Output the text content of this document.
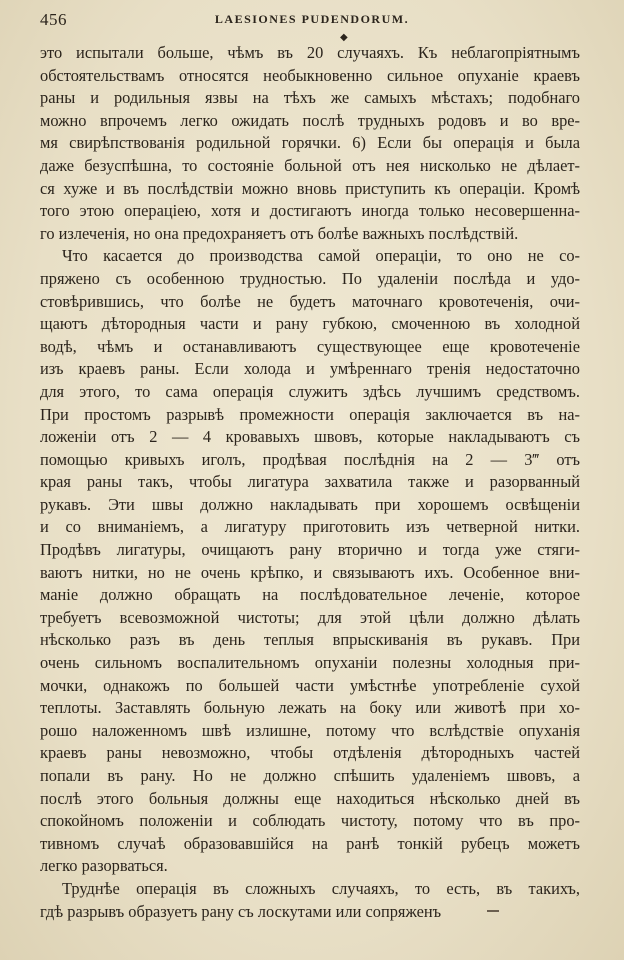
456	LAESIONES PUDENDORUM.
◆
это испытали больше, чѣмъ въ 20 случаяхъ. Къ неблагопріятнымъ
обстоятельствамъ относятся необыкновенно сильное опуханіе краевъ
раны и родильныя язвы на тѣхъ же самыхъ мѣстахъ; подобнаго
можно впрочемъ легко ожидать послѣ трудныхъ родовъ и во вре-
мя свирѣпствованія родильной горячки. 6) Если бы операція и была
даже безуспѣшна, то состояніе больной отъ нея нисколько не дѣлает-
ся хуже и въ послѣдствіи можно вновь приступить къ операціи. Кромѣ
того этою операціею, хотя и достигаютъ иногда только несовершенна-
го излеченія, но она предохраняетъ отъ болѣе важныхъ послѣдствій.
Что касается до производства самой операціи, то оно не со-
пряжено съ особенною трудностью. По удаленіи послѣда и удо-
стовѣрившись, что болѣе не будетъ маточнаго кровотеченія, очи-
щаютъ дѣтородныя части и рану губкою, смоченною въ холодной
водѣ, чѣмъ и останавливаютъ существующее еще кровотеченіе
изъ краевъ раны. Если холода и умѣреннаго тренія недостаточно
для этого, то сама операція служитъ здѣсь лучшимъ средствомъ.
При простомъ разрывѣ промежности операція заключается въ на-
ложеніи отъ 2 — 4 кровавыхъ швовъ, которые накладываютъ съ
помощью кривыхъ иголъ, продѣвая послѣднія на 2 — 3‴ отъ
края раны такъ, чтобы лигатура захватила также и разорванный
рукавъ. Эти швы должно накладывать при хорошемъ освѣщеніи
и со вниманіемъ, а лигатуру приготовить изъ четверной нитки.
Продѣвъ лигатуры, очищаютъ рану вторично и тогда уже стяги-
ваютъ нитки, но не очень крѣпко, и связываютъ ихъ. Особенное вни-
маніе должно обращать на послѣдовательное леченіе, которое
требуетъ всевозможной чистоты; для этой цѣли должно дѣлать
нѣсколько разъ въ день теплыя впрыскиванія въ рукавъ. При
очень сильномъ воспалительномъ опуханіи полезны холодныя при-
мочки, однакожъ по большей части умѣстнѣе употребленіе сухой
теплоты. Заставлять больную лежать на боку или животѣ при хо-
рошо наложенномъ швѣ излишне, потому что вслѣдствіе опуханія
краевъ раны невозможно, чтобы отдѣленія дѣтородныхъ частей
попали въ рану. Но не должно спѣшить удаленіемъ швовъ, а
послѣ этого больныя должны еще находиться нѣсколько дней въ
спокойномъ положеніи и соблюдать чистоту, потому что въ про-
тивномъ случаѣ образовавшійся на ранѣ тонкій рубецъ можетъ
легко разорваться.
Труднѣе операція въ сложныхъ случаяхъ, то есть, въ такихъ,
гдѣ разрывъ образуетъ рану съ лоскутами или сопряженъ
